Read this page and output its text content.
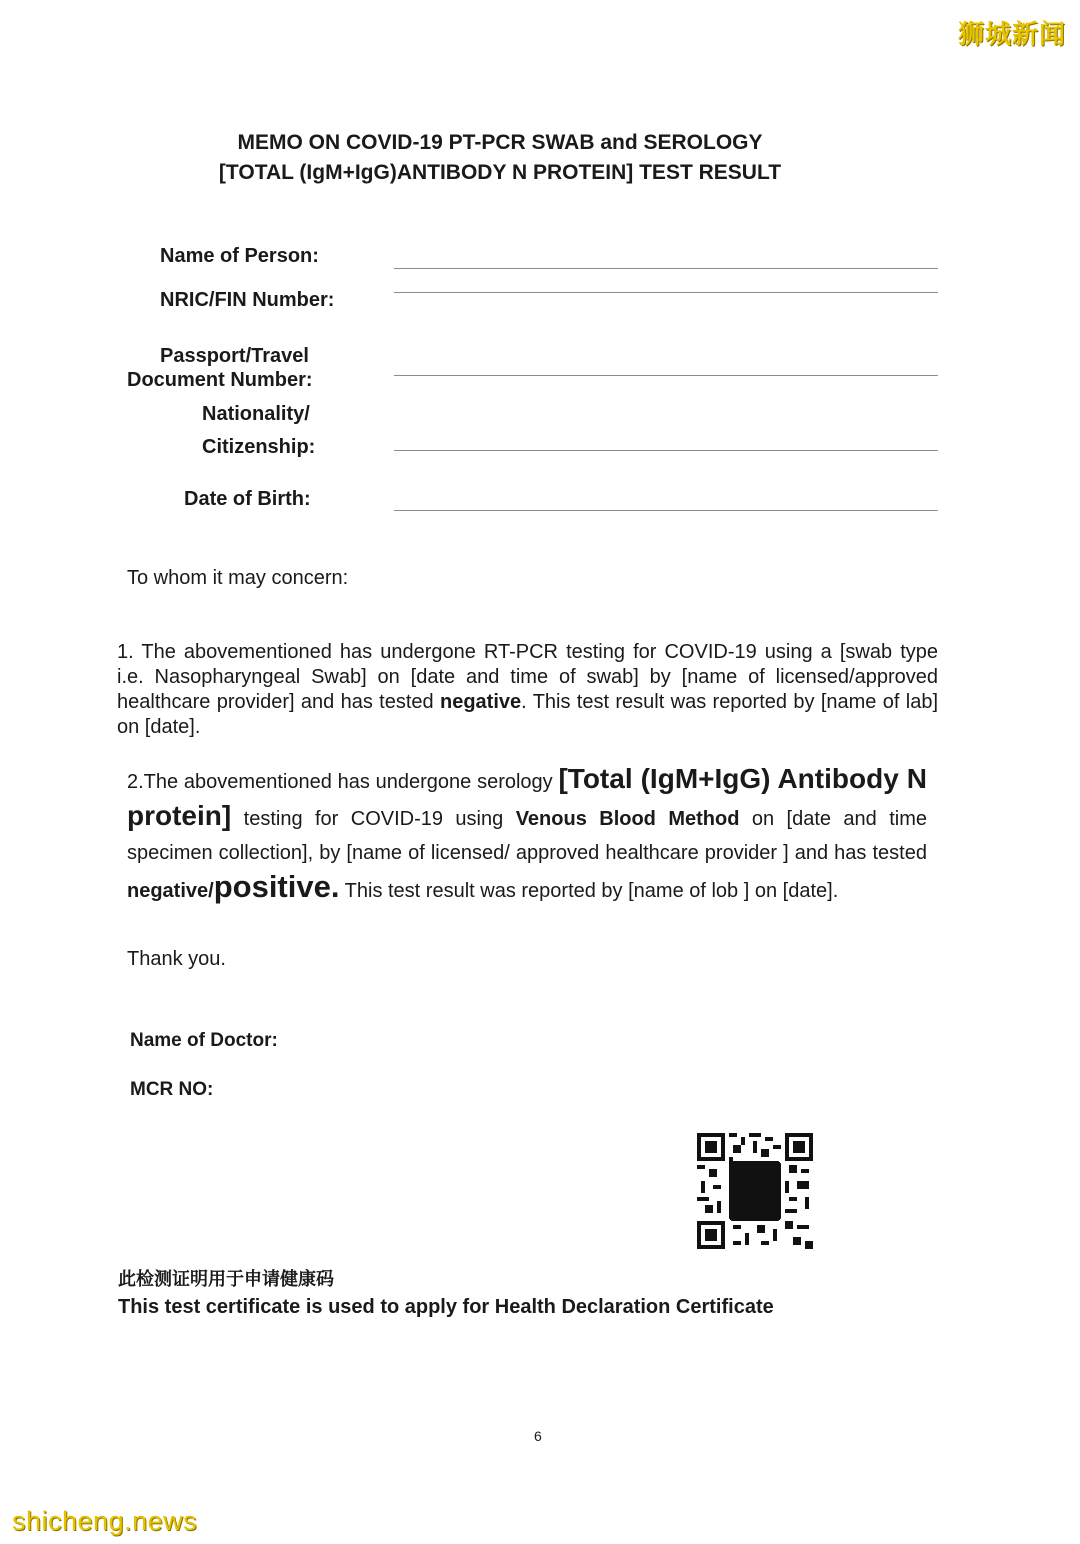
狮城新闻
MEMO ON COVID-19 PT-PCR SWAB and SEROLOGY
[TOTAL (IgM+IgG)ANTIBODY N PROTEIN] TEST RESULT
Name of Person:
NRIC/FIN Number:
Passport/Travel
Document Number:
Nationality/
Citizenship:
Date of Birth:
To whom it may concern:
1. The abovementioned has undergone RT-PCR testing for COVID-19 using a [swab type i.e. Nasopharyngeal Swab] on [date and time of swab] by [name of licensed/approved healthcare provider] and has tested negative. This test result was reported by [name of lab] on [date].
2.The abovementioned has undergone serology [Total (IgM+IgG) Antibody N protein] testing for COVID-19 using Venous Blood Method on [date and time specimen collection], by [name of licensed/ approved healthcare provider ] and has tested negative/positive. This test result was reported by [name of lob ] on [date].
Thank you.
Name of Doctor:
MCR NO:
此检测证明用于申请健康码
This test certificate is used to apply for Health Declaration Certificate
6
shicheng.news
